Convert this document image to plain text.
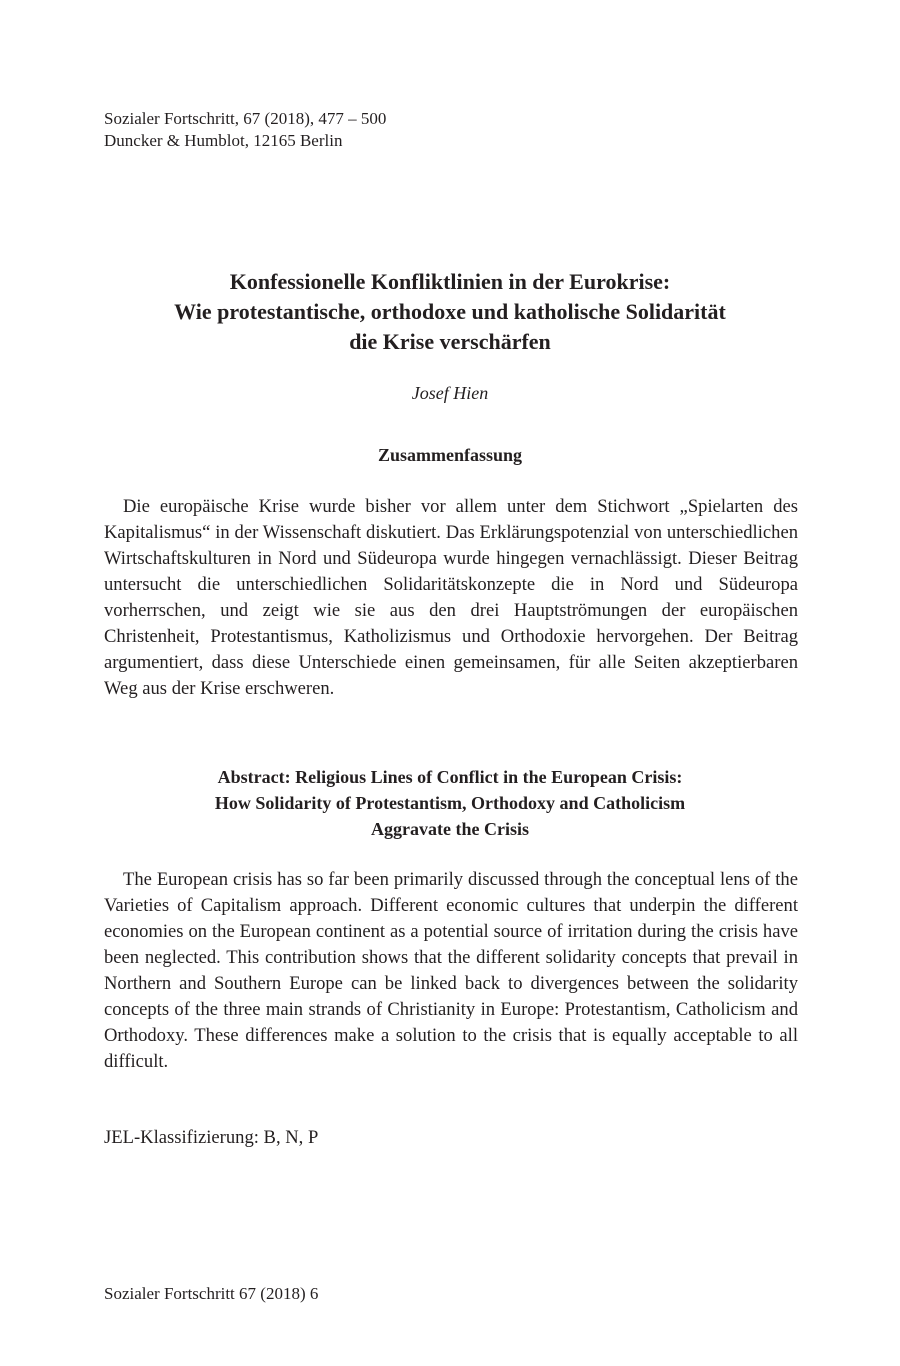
Sozialer Fortschritt, 67 (2018), 477 – 500
Duncker & Humblot, 12165 Berlin
Konfessionelle Konfliktlinien in der Eurokrise:
Wie protestantische, orthodoxe und katholische Solidarität
die Krise verschärfen
Josef Hien
Zusammenfassung
Die europäische Krise wurde bisher vor allem unter dem Stichwort „Spielarten des Kapitalismus“ in der Wissenschaft diskutiert. Das Erklärungspotenzial von unterschiedlichen Wirtschaftskulturen in Nord und Südeuropa wurde hingegen vernachlässigt. Dieser Beitrag untersucht die unterschiedlichen Solidaritätskonzepte die in Nord und Südeuropa vorherrschen, und zeigt wie sie aus den drei Hauptströmungen der europäischen Christenheit, Protestantismus, Katholizismus und Orthodoxie hervorgehen. Der Beitrag argumentiert, dass diese Unterschiede einen gemeinsamen, für alle Seiten akzeptierbaren Weg aus der Krise erschweren.
Abstract: Religious Lines of Conflict in the European Crisis:
How Solidarity of Protestantism, Orthodoxy and Catholicism
Aggravate the Crisis
The European crisis has so far been primarily discussed through the conceptual lens of the Varieties of Capitalism approach. Different economic cultures that underpin the different economies on the European continent as a potential source of irritation during the crisis have been neglected. This contribution shows that the different solidarity concepts that prevail in Northern and Southern Europe can be linked back to divergences between the solidarity concepts of the three main strands of Christianity in Europe: Protestantism, Catholicism and Orthodoxy. These differences make a solution to the crisis that is equally acceptable to all difficult.
JEL-Klassifizierung: B, N, P
Sozialer Fortschritt 67 (2018) 6
